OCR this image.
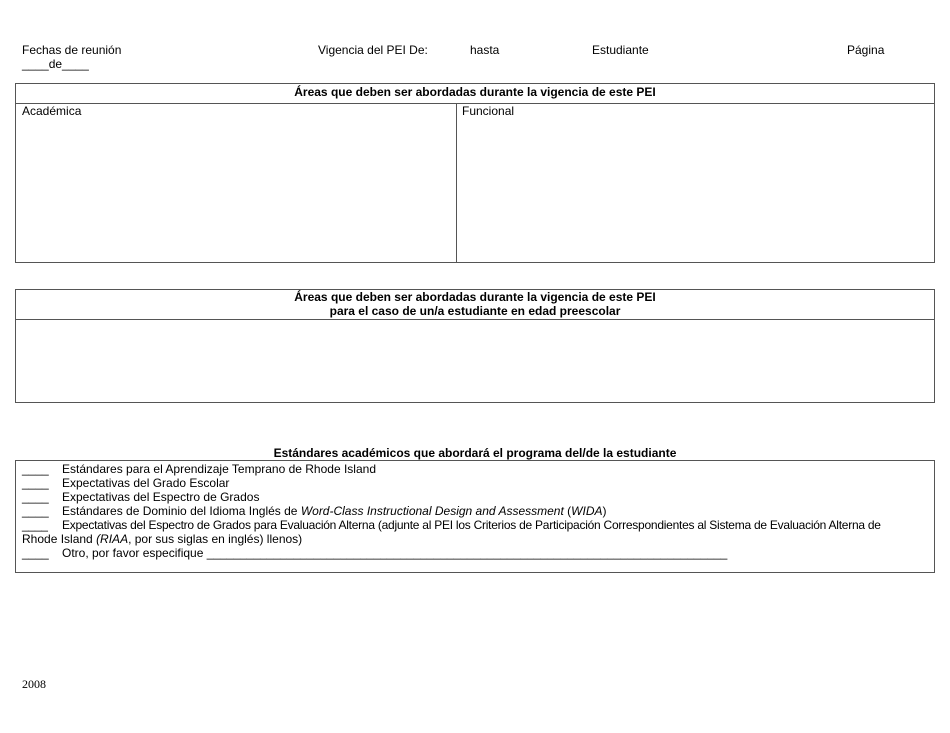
Fechas de reunión
____de____
Vigencia del PEI De:	hasta	Estudiante	Página
Áreas que deben ser abordadas durante la vigencia de este PEI
Académica	Funcional
Áreas que deben ser abordadas durante la vigencia de este PEI
para el caso de un/a estudiante en edad preescolar
Estándares académicos que abordará el programa del/de la estudiante
____ Estándares para el Aprendizaje Temprano de Rhode Island
____ Expectativas del Grado Escolar
____ Expectativas del Espectro de Grados
____ Estándares de Dominio del Idioma Inglés de Word-Class Instructional Design and Assessment (WIDA)
____ Expectativas del Espectro de Grados para Evaluación Alterna (adjunte al PEI los Criterios de Participación Correspondientes al Sistema de Evaluación Alterna de
Rhode Island (RIAA, por sus siglas en inglés) llenos)
____ Otro, por favor especifique ______________________________________________________________________________
2008
